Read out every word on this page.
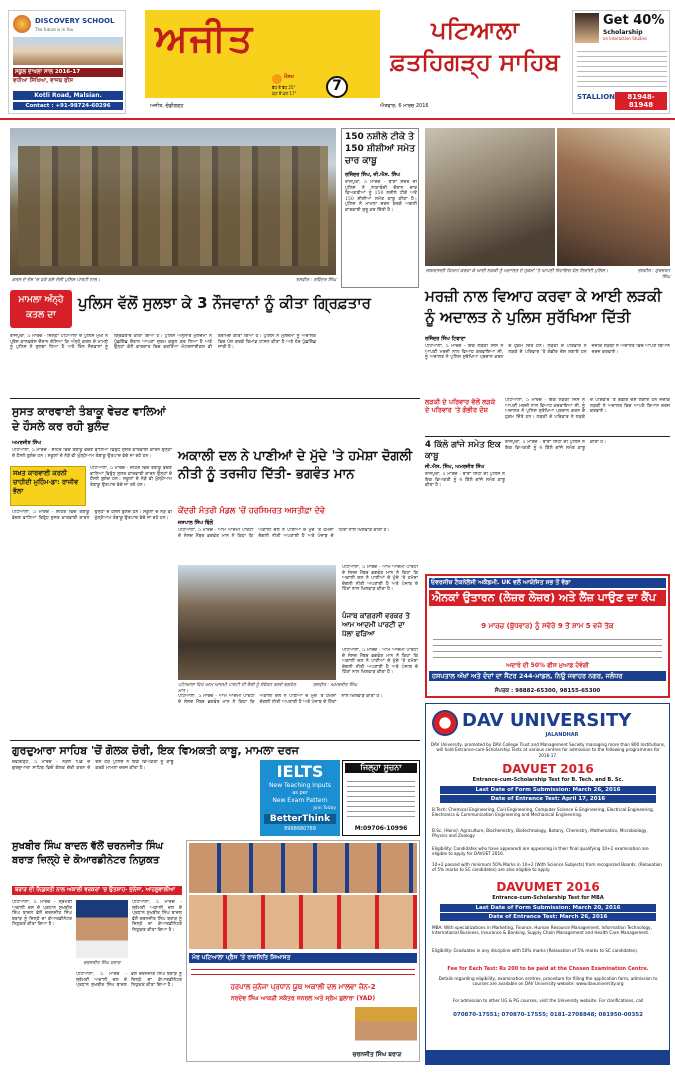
DISCOVERY SCHOOL
The future is in You
ਸਕੂਲ ਦਾਖਲਾ ਸਾਲ 2016-17
ਵਧੀਆ ਸਿੱਖਿਆ, ਵਾਜਬ ਫੀਸ
Kotli Road, Malsian.
Contact : +91-98724-60296
ਅਜੀਤ
ਮੌਸਮ
ਵੱਧ ਤੋਂ ਵੱਧ 25°
ਘੱਟ ਤੋਂ ਘੱਟ 17°	7
ਅਜੀਤ, ਚੰਡੀਗੜ੍ਹ
ਪਟਿਆਲਾ ਫ਼ਤਹਿਗੜ੍ਹ ਸਾਹਿਬ
ਐਤਵਾਰ, 6 ਮਾਰਚ 2016
Get 40%
Scholarship
on Interaction Studies
STALLION	81948-81948
ਕਤਲ ਦੇ ਦੋਸ਼ 'ਚ ਫੜੇ ਗਏ ਦੋਸ਼ੀ ਪੁਲਿਸ ਪਾਰਟੀ ਨਾਲ।	ਤਸਵੀਰ : ਰਵਿੰਦਰ ਸਿੰਘ
ਮਾਮਲਾ ਅੰਨ੍ਹੇ ਕਤਲ ਦਾ
ਪੁਲਿਸ ਵੱਲੋਂ ਸੁਲਝਾ ਕੇ 3 ਨੌਜਵਾਨਾਂ ਨੂੰ ਕੀਤਾ ਗ੍ਰਿਫ਼ਤਾਰ
ਰਾਜਪੁਰਾ, 5 ਮਾਰਚ - ਜ਼ਿਲ੍ਹਾ ਪਟਿਆਲਾ ਦੇ ਪੁਲਿਸ ਮੁਖੀ ਨੇ ਪ੍ਰੈਸ ਕਾਨਫ਼ਰੰਸ ਦੌਰਾਨ ਦੱਸਿਆ ਕਿ ਅੰਨ੍ਹੇ ਕਤਲ ਦੇ ਮਾਮਲੇ ਨੂੰ ਪੁਲਿਸ ਨੇ ਸੁਲਝਾ ਲਿਆ ਹੈ ਅਤੇ ਤਿੰਨ ਨੌਜਵਾਨਾਂ ਨੂੰ ਗ੍ਰਿਫ਼ਤਾਰ ਕੀਤਾ ਗਿਆ ਹੈ। ਪੁਲਿਸ ਅਨੁਸਾਰ ਮੁਲਜ਼ਮਾਂ ਨੇ ਪੁੱਛਗਿੱਛ ਦੌਰਾਨ ਆਪਣਾ ਜੁਰਮ ਕਬੂਲ ਕਰ ਲਿਆ ਹੈ ਅਤੇ ਉਨ੍ਹਾਂ ਕੋਲੋਂ ਵਾਰਦਾਤ ਵਿਚ ਵਰਤਿਆ ਮੋਟਰਸਾਈਕਲ ਵੀ ਬਰਾਮਦ ਕੀਤਾ ਗਿਆ ਹੈ। ਪੁਲਿਸ ਨੇ ਮੁਲਜ਼ਮਾਂ ਨੂੰ ਅਦਾਲਤ ਵਿਚ ਪੇਸ਼ ਕਰਕੇ ਰਿਮਾਂਡ ਹਾਸਲ ਕੀਤਾ ਹੈ ਅਤੇ ਹੋਰ ਪੁੱਛਗਿੱਛ ਜਾਰੀ ਹੈ।
150 ਨਸ਼ੀਲੇ ਟੀਕੇ ਤੇ 150 ਸ਼ੀਸ਼ੀਆਂ ਸਮੇਤ ਚਾਰ ਕਾਬੂ
ਰਜਿੰਦਰ ਸਿੰਘ, ਜੀ.ਐਸ. ਸਿੰਘ
ਰਾਜਪੁਰਾ, 5 ਮਾਰਚ - ਥਾਣਾ ਸਦਰ ਦੀ ਪੁਲਿਸ ਨੇ ਨਾਕਾਬੰਦੀ ਦੌਰਾਨ ਚਾਰ ਵਿਅਕਤੀਆਂ ਨੂੰ 150 ਨਸ਼ੀਲੇ ਟੀਕੇ ਅਤੇ 150 ਸ਼ੀਸ਼ੀਆਂ ਸਮੇਤ ਕਾਬੂ ਕੀਤਾ ਹੈ। ਪੁਲਿਸ ਨੇ ਮਾਮਲਾ ਦਰਜ ਕਰਕੇ ਅਗਲੀ ਕਾਰਵਾਈ ਸ਼ੁਰੂ ਕਰ ਦਿੱਤੀ ਹੈ।
ਜ਼ਬਰਦਸਤੀ ਵਿਆਹ ਕਰਵਾ ਕੇ ਆਈ ਲੜਕੀ ਨੂੰ ਅਦਾਲਤ ਦੇ ਹੁਕਮਾਂ 'ਤੇ ਆਪਣੀ ਰਿਹਾਇਸ਼ ਵੱਲ ਲਿਜਾਂਦੀ ਪੁਲਿਸ।	ਤਸਵੀਰ : ਗੁਰਚਰਨ ਸਿੰਘ
ਮਰਜ਼ੀ ਨਾਲ ਵਿਆਹ ਕਰਵਾ ਕੇ ਆਈ ਲੜਕੀ ਨੂੰ ਅਦਾਲਤ ਨੇ ਪੁਲਿਸ ਸੁਰੱਖਿਆ ਦਿੱਤੀ
ਰਜਿੰਦਰ ਸਿੰਘ ਟਿਵਾਣਾ
ਲੜਕੀ ਦੇ ਪਰਿਵਾਰ ਵੱਲੋਂ ਲੜਕੇ ਦੇ ਪਰਿਵਾਰ 'ਤੇ ਗੰਭੀਰ ਦੋਸ਼
ਪਟਿਆਲਾ, 5 ਮਾਰਚ - ਇਕ ਲੜਕੀ ਜਿਸ ਨੇ ਆਪਣੀ ਮਰਜ਼ੀ ਨਾਲ ਵਿਆਹ ਕਰਵਾਇਆ ਸੀ, ਨੂੰ ਅਦਾਲਤ ਨੇ ਪੁਲਿਸ ਸੁਰੱਖਿਆ ਪ੍ਰਦਾਨ ਕਰਨ ਦੇ ਹੁਕਮ ਦਿੱਤੇ ਹਨ। ਲੜਕੀ ਦੇ ਪਰਿਵਾਰ ਨੇ ਲੜਕੇ ਦੇ ਪਰਿਵਾਰ 'ਤੇ ਗੰਭੀਰ ਦੋਸ਼ ਲਗਾਏ ਹਨ ਜਦਕਿ ਲੜਕੀ ਨੇ ਅਦਾਲਤ ਵਿਚ ਆਪਣੇ ਬਿਆਨ ਦਰਜ ਕਰਵਾਏ।
ਪਟਿਆਲਾ, 5 ਮਾਰਚ - ਇਕ ਲੜਕੀ ਜਿਸ ਨੇ ਆਪਣੀ ਮਰਜ਼ੀ ਨਾਲ ਵਿਆਹ ਕਰਵਾਇਆ ਸੀ, ਨੂੰ ਅਦਾਲਤ ਨੇ ਪੁਲਿਸ ਸੁਰੱਖਿਆ ਪ੍ਰਦਾਨ ਕਰਨ ਦੇ ਹੁਕਮ ਦਿੱਤੇ ਹਨ। ਲੜਕੀ ਦੇ ਪਰਿਵਾਰ ਨੇ ਲੜਕੇ ਦੇ ਪਰਿਵਾਰ 'ਤੇ ਗੰਭੀਰ ਦੋਸ਼ ਲਗਾਏ ਹਨ ਜਦਕਿ ਲੜਕੀ ਨੇ ਅਦਾਲਤ ਵਿਚ ਆਪਣੇ ਬਿਆਨ ਦਰਜ ਕਰਵਾਏ।
ਸੁਸਤ ਕਾਰਵਾਈ ਤੰਬਾਕੂ ਵੇਚਣ ਵਾਲਿਆਂ ਦੇ ਹੌਸਲੇ ਕਰ ਰਹੀ ਬੁਲੰਦ
ਅਮਰਜੀਤ ਸਿੰਘ
ਸਖ਼ਤ ਕਾਰਵਾਈ ਕਰਨੀ ਚਾਹੀਦੀ ਮੁਹਿੰਮ-ਡਾ: ਰਾਜੀਵ ਭੱਲਾ
ਪਟਿਆਲਾ, 5 ਮਾਰਚ - ਸ਼ਹਿਰ ਵਿਚ ਤੰਬਾਕੂ ਵੇਚਣ ਵਾਲਿਆਂ ਵਿਰੁੱਧ ਸੁਸਤ ਕਾਰਵਾਈ ਕਾਰਨ ਉਨ੍ਹਾਂ ਦੇ ਹੌਸਲੇ ਬੁਲੰਦ ਹਨ। ਸਕੂਲਾਂ ਦੇ ਨੇੜੇ ਵੀ ਖੁੱਲ੍ਹੇਆਮ ਤੰਬਾਕੂ ਉਤਪਾਦ ਵੇਚੇ ਜਾ ਰਹੇ ਹਨ।
ਪਟਿਆਲਾ, 5 ਮਾਰਚ - ਸ਼ਹਿਰ ਵਿਚ ਤੰਬਾਕੂ ਵੇਚਣ ਵਾਲਿਆਂ ਵਿਰੁੱਧ ਸੁਸਤ ਕਾਰਵਾਈ ਕਾਰਨ ਉਨ੍ਹਾਂ ਦੇ ਹੌਸਲੇ ਬੁਲੰਦ ਹਨ। ਸਕੂਲਾਂ ਦੇ ਨੇੜੇ ਵੀ ਖੁੱਲ੍ਹੇਆਮ ਤੰਬਾਕੂ ਉਤਪਾਦ ਵੇਚੇ ਜਾ ਰਹੇ ਹਨ।
ਪਟਿਆਲਾ, 5 ਮਾਰਚ - ਸ਼ਹਿਰ ਵਿਚ ਤੰਬਾਕੂ ਵੇਚਣ ਵਾਲਿਆਂ ਵਿਰੁੱਧ ਸੁਸਤ ਕਾਰਵਾਈ ਕਾਰਨ ਉਨ੍ਹਾਂ ਦੇ ਹੌਸਲੇ ਬੁਲੰਦ ਹਨ। ਸਕੂਲਾਂ ਦੇ ਨੇੜੇ ਵੀ ਖੁੱਲ੍ਹੇਆਮ ਤੰਬਾਕੂ ਉਤਪਾਦ ਵੇਚੇ ਜਾ ਰਹੇ ਹਨ।
ਅਕਾਲੀ ਦਲ ਨੇ ਪਾਣੀਆਂ ਦੇ ਮੁੱਦੇ 'ਤੇ ਹਮੇਸ਼ਾ ਦੋਗਲੀ ਨੀਤੀ ਨੂੰ ਤਰਜੀਹ ਦਿੱਤੀ- ਭਗਵੰਤ ਮਾਨ
ਕੇਂਦਰੀ ਮੰਤਰੀ ਮੰਡਲ 'ਚੋਂ ਹਰਸਿਮਰਤ ਅਸਤੀਫ਼ਾ ਦੇਵੇ
ਜਸਪਾਲ ਸਿੰਘ ਢਿੱਲੋਂ
ਪਟਿਆਲਾ, 5 ਮਾਰਚ - ਆਮ ਆਦਮੀ ਪਾਰਟੀ ਦੇ ਸੰਸਦ ਮੈਂਬਰ ਭਗਵੰਤ ਮਾਨ ਨੇ ਕਿਹਾ ਕਿ ਅਕਾਲੀ ਦਲ ਨੇ ਪਾਣੀਆਂ ਦੇ ਮੁੱਦੇ 'ਤੇ ਹਮੇਸ਼ਾ ਦੋਗਲੀ ਨੀਤੀ ਅਪਣਾਈ ਹੈ ਅਤੇ ਪੰਜਾਬ ਦੇ ਹਿੱਤਾਂ ਨਾਲ ਖਿਲਵਾੜ ਕੀਤਾ ਹੈ।
ਪਟਿਆਲਾ ਵਿਖੇ ਆਮ ਆਦਮੀ ਪਾਰਟੀ ਦੀ ਰੈਲੀ ਨੂੰ ਸੰਬੋਧਨ ਕਰਦੇ ਭਗਵੰਤ ਮਾਨ।
ਤਸਵੀਰ : ਅਮਰਜੀਤ ਸਿੰਘ
ਪੰਜਾਬ ਕਾਂਗਰਸੀ ਵਰਕਰ ਤੇ ਆਮ ਆਦਮੀ ਪਾਰਟੀ ਦਾ ਪੱਲਾ ਫੜਿਆ
ਪਟਿਆਲਾ, 5 ਮਾਰਚ - ਆਮ ਆਦਮੀ ਪਾਰਟੀ ਦੇ ਸੰਸਦ ਮੈਂਬਰ ਭਗਵੰਤ ਮਾਨ ਨੇ ਕਿਹਾ ਕਿ ਅਕਾਲੀ ਦਲ ਨੇ ਪਾਣੀਆਂ ਦੇ ਮੁੱਦੇ 'ਤੇ ਹਮੇਸ਼ਾ ਦੋਗਲੀ ਨੀਤੀ ਅਪਣਾਈ ਹੈ ਅਤੇ ਪੰਜਾਬ ਦੇ ਹਿੱਤਾਂ ਨਾਲ ਖਿਲਵਾੜ ਕੀਤਾ ਹੈ।
ਪਟਿਆਲਾ, 5 ਮਾਰਚ - ਆਮ ਆਦਮੀ ਪਾਰਟੀ ਦੇ ਸੰਸਦ ਮੈਂਬਰ ਭਗਵੰਤ ਮਾਨ ਨੇ ਕਿਹਾ ਕਿ ਅਕਾਲੀ ਦਲ ਨੇ ਪਾਣੀਆਂ ਦੇ ਮੁੱਦੇ 'ਤੇ ਹਮੇਸ਼ਾ ਦੋਗਲੀ ਨੀਤੀ ਅਪਣਾਈ ਹੈ ਅਤੇ ਪੰਜਾਬ ਦੇ ਹਿੱਤਾਂ ਨਾਲ ਖਿਲਵਾੜ ਕੀਤਾ ਹੈ।
ਪਟਿਆਲਾ, 5 ਮਾਰਚ - ਆਮ ਆਦਮੀ ਪਾਰਟੀ ਦੇ ਸੰਸਦ ਮੈਂਬਰ ਭਗਵੰਤ ਮਾਨ ਨੇ ਕਿਹਾ ਕਿ ਅਕਾਲੀ ਦਲ ਨੇ ਪਾਣੀਆਂ ਦੇ ਮੁੱਦੇ 'ਤੇ ਹਮੇਸ਼ਾ ਦੋਗਲੀ ਨੀਤੀ ਅਪਣਾਈ ਹੈ ਅਤੇ ਪੰਜਾਬ ਦੇ ਹਿੱਤਾਂ ਨਾਲ ਖਿਲਵਾੜ ਕੀਤਾ ਹੈ।
4 ਕਿੱਲੋ ਗਾਂਜੇ ਸਮੇਤ ਇਕ ਕਾਬੂ
ਜੀ.ਐਸ. ਸਿੰਘ, ਅਮਰਜੀਤ ਸਿੰਘ
ਰਾਜਪੁਰਾ, 5 ਮਾਰਚ - ਥਾਣਾ ਸਿਟੀ ਦੀ ਪੁਲਿਸ ਨੇ ਇਕ ਵਿਅਕਤੀ ਨੂੰ 4 ਕਿੱਲੋ ਗਾਂਜੇ ਸਮੇਤ ਕਾਬੂ ਕੀਤਾ ਹੈ।
ਰਾਜਪੁਰਾ, 5 ਮਾਰਚ - ਥਾਣਾ ਸਿਟੀ ਦੀ ਪੁਲਿਸ ਨੇ ਇਕ ਵਿਅਕਤੀ ਨੂੰ 4 ਕਿੱਲੋ ਗਾਂਜੇ ਸਮੇਤ ਕਾਬੂ ਕੀਤਾ ਹੈ।
ਓਵਰਸੀਜ਼ ਟੈਕਨੋਲੋਜੀ ਅਕੈਡਮੀ. UK ਵਲੋਂ ਆਯੋਜਿਤ ਸਭ ਤੋਂ ਵੱਡਾ
ਐਨਕਾਂ ਉਤਾਰਨ (ਲੇਜ਼ਰ ਲੇਜ਼ਰ) ਅਤੇ ਲੈਂਜ਼ ਪਾਉਣ ਦਾ ਕੈਂਪ
9 ਮਾਰਚ (ਬੁੱਧਵਾਰ) ਨੂੰ ਸਵੇਰੇ 9 ਤੋਂ ਸ਼ਾਮ 5 ਵਜੇ ਤੱਕ
ਅਦਾਰੇ ਦੀ 50% ਫੀਸ ਮੁਆਫ਼ ਹੋਵੇਗੀ
ਹਸਪਤਾਲ ਅੱਖਾਂ ਅਤੇ ਦੰਦਾਂ ਦਾ ਸੈਂਟਰ 244-ਮਾਡਲ, ਨਿਊ ਜਵਾਹਰ ਨਗਰ, ਜਲੰਧਰ
ਸੰਪਰਕ : 98882-65300, 98155-65300
ਗੁਰਦੁਆਰਾ ਸਾਹਿਬ 'ਚੋਂ ਗੋਲਕ ਚੋਰੀ, ਇਕ ਵਿਅਕਤੀ ਕਾਬੂ, ਮਾਮਲਾ ਦਰਜ
ਦੇਵੀਗੜ੍ਹ, 5 ਮਾਰਚ - ਨੇੜਲੇ ਪਿੰਡ ਦੇ ਗੁਰਦੁਆਰਾ ਸਾਹਿਬ ਵਿਚੋਂ ਗੋਲਕ ਚੋਰੀ ਕਰਨ ਦੇ ਦੋਸ਼ ਹੇਠ ਪੁਲਿਸ ਨੇ ਇਕ ਵਿਅਕਤੀ ਨੂੰ ਕਾਬੂ ਕਰਕੇ ਮਾਮਲਾ ਦਰਜ ਕੀਤਾ ਹੈ।	IELTS
New Teaching Inputs
as per
New Exam Pattern
Join Today
BetterThink
8968680789
ਜਿਲ੍ਹਾ ਸੂਚਨਾ
M:09706-10996
ਸੁਖਬੀਰ ਸਿੰਘ ਬਾਦਲ ਵੱਲੋਂ ਚਰਨਜੀਤ ਸਿੰਘ ਬਰਾੜ ਜ਼ਿਲ੍ਹੇ ਦੇ ਕੋਆਰਡੀਨੇਟਰ ਨਿਯੁਕਤ
ਬਰਾੜ ਦੀ ਨਿਯੁਕਤੀ ਨਾਲ ਅਕਾਲੀ ਵਰਕਰਾਂ 'ਚ ਉਤਸ਼ਾਹ- ਜੁਨੇਜਾ, ਆਹਲੂਵਾਲੀਆ
ਪਟਿਆਲਾ, 5 ਮਾਰਚ - ਸ਼੍ਰੋਮਣੀ ਅਕਾਲੀ ਦਲ ਦੇ ਪ੍ਰਧਾਨ ਸੁਖਬੀਰ ਸਿੰਘ ਬਾਦਲ ਵੱਲੋਂ ਚਰਨਜੀਤ ਸਿੰਘ ਬਰਾੜ ਨੂੰ ਜ਼ਿਲ੍ਹੇ ਦਾ ਕੋਆਰਡੀਨੇਟਰ ਨਿਯੁਕਤ ਕੀਤਾ ਗਿਆ ਹੈ।
ਚਰਨਜੀਤ ਸਿੰਘ ਬਰਾੜ
ਪਟਿਆਲਾ, 5 ਮਾਰਚ - ਸ਼੍ਰੋਮਣੀ ਅਕਾਲੀ ਦਲ ਦੇ ਪ੍ਰਧਾਨ ਸੁਖਬੀਰ ਸਿੰਘ ਬਾਦਲ ਵੱਲੋਂ ਚਰਨਜੀਤ ਸਿੰਘ ਬਰਾੜ ਨੂੰ ਜ਼ਿਲ੍ਹੇ ਦਾ ਕੋਆਰਡੀਨੇਟਰ ਨਿਯੁਕਤ ਕੀਤਾ ਗਿਆ ਹੈ।
ਪਟਿਆਲਾ, 5 ਮਾਰਚ - ਸ਼੍ਰੋਮਣੀ ਅਕਾਲੀ ਦਲ ਦੇ ਪ੍ਰਧਾਨ ਸੁਖਬੀਰ ਸਿੰਘ ਬਾਦਲ ਵੱਲੋਂ ਚਰਨਜੀਤ ਸਿੰਘ ਬਰਾੜ ਨੂੰ ਜ਼ਿਲ੍ਹੇ ਦਾ ਕੋਆਰਡੀਨੇਟਰ ਨਿਯੁਕਤ ਕੀਤਾ ਗਿਆ ਹੈ।
ਮੋਰ ਪਟਿਆਲਾ ਪ੍ਰੈਸ 'ਤੇ ਰਾਜਨਿਤਿ ਸਿਆਸਤ
ਹਰਪਾਲ ਜੁਨੇਜਾ ਪ੍ਰਧਾਨ ਯੂਥ ਅਕਾਲੀ ਦਲ ਮਾਲਵਾ ਜ਼ੋਨ-2
ਨਰਦੇਵ ਸਿੰਘ ਆਕੜੀ ਸਕੱਤਰ ਜਨਰਲ ਅਤੇ ਸ੍ਰੋਮ ਬੁਲਾਰਾ (YAD)
ਚਰਨਜੀਤ ਸਿੰਘ ਬਰਾੜ
DAV UNIVERSITY
JALANDHAR
DAV University, promoted by DAV College Trust and Management Society managing more than 800 Institutions, will hold Entrance-cum-Scholarship Tests at various centres for admission to the following programmes for 2016-17.
DAVUET 2016
Entrance-cum-Scholarship Test for B. Tech. and B. Sc.
Last Date of Form Submission: March 26, 2016
Date of Entrance Test: April 17, 2016
B.Tech: Chemical Engineering, Civil Engineering, Computer Science & Engineering, Electrical Engineering, Electronics & Communication Engineering and Mechanical Engineering.
B.Sc. (Hons): Agriculture, Biochemistry, Biotechnology, Botany, Chemistry, Mathematics, Microbiology, Physics and Zoology
Eligibility: Candidates who have appeared/ are appearing in their final qualifying 10+2 examination are eligible to apply for DAVUET 2016.
10+2 passed with minimum 50% Marks in 10+2 (With Science Subjects) from recognized Boards. (Relaxation of 5% marks to SC candidates) are also eligible to apply.
DAVUMET 2016
Entrance-cum-Scholarship Test for MBA
Last Date of Form Submission: March 20, 2016
Date of Entrance Test: March 26, 2016
MBA: With specializations in Marketing, Finance, Human Resource Management, Information Technology, International Business, Insurance & Banking, Supply Chain Management and Health Care Management.
Eligibility: Graduates in any discipline with 50% marks (Relaxation of 5% marks to SC candidates).
Fee for Each Test: Rs 200 to be paid at the Chosen Examination Centre.
Details regarding eligibility, examination centres, procedure for filling the application form, admission to courses are available on DAV University website: www.davuniversity.org
For admission to other UG & PG courses, visit the University website. For clarifications, call
070870-17551; 070870-17555; 0181-2708848; 081950-00352
